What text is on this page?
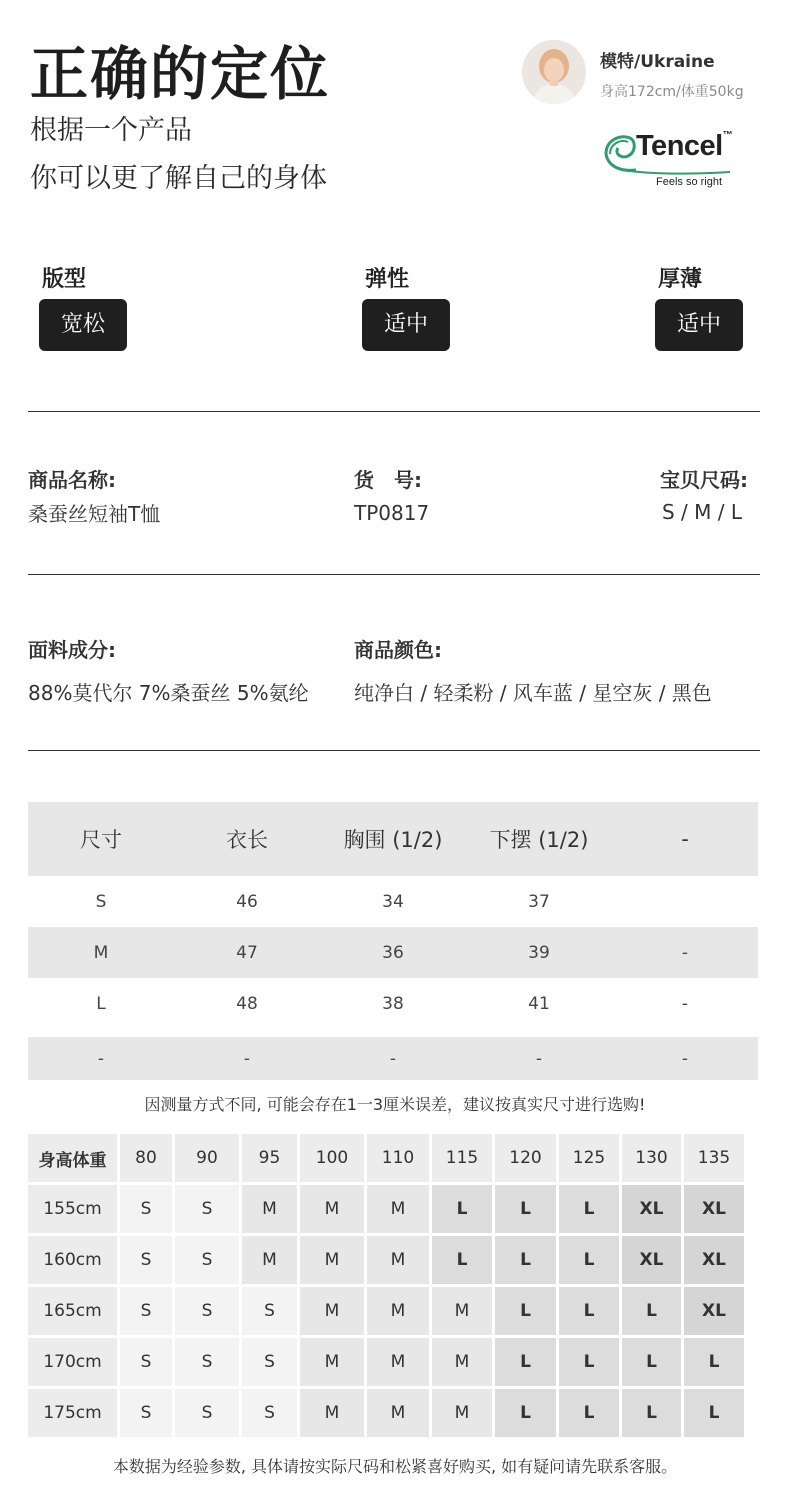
正确的定位
根据一个产品
你可以更了解自己的身体
模特/Ukraine
身高172cm/体重50kg
Tencel™
Feels so right
版型
宽松
弹性
适中
厚薄
适中
商品名称:
桑蚕丝短袖T恤
货　号:
TP0817
宝贝尺码:
S / M / L
面料成分:
88%莫代尔 7%桑蚕丝 5%氨纶
商品颜色:
纯净白 / 轻柔粉 / 风车蓝 / 星空灰 / 黑色
尺寸	衣长	胸围 (1/2)	下摆 (1/2)	-
S	46	34	37
M	47	36	39	-
L	48	38	41	-
-	-	-	-	-
因测量方式不同, 可能会存在1一3厘米误差，建议按真实尺寸进行选购!
身高体重	80	90	95	100	110	115	120	125	130	135
155cm	S	S	M	M	M	L	L	L	XL	XL
160cm	S	S	M	M	M	L	L	L	XL	XL
165cm	S	S	S	M	M	M	L	L	L	XL
170cm	S	S	S	M	M	M	L	L	L	L
175cm	S	S	S	M	M	M	L	L	L	L
本数据为经验参数, 具体请按实际尺码和松紧喜好购买, 如有疑问请先联系客服。
